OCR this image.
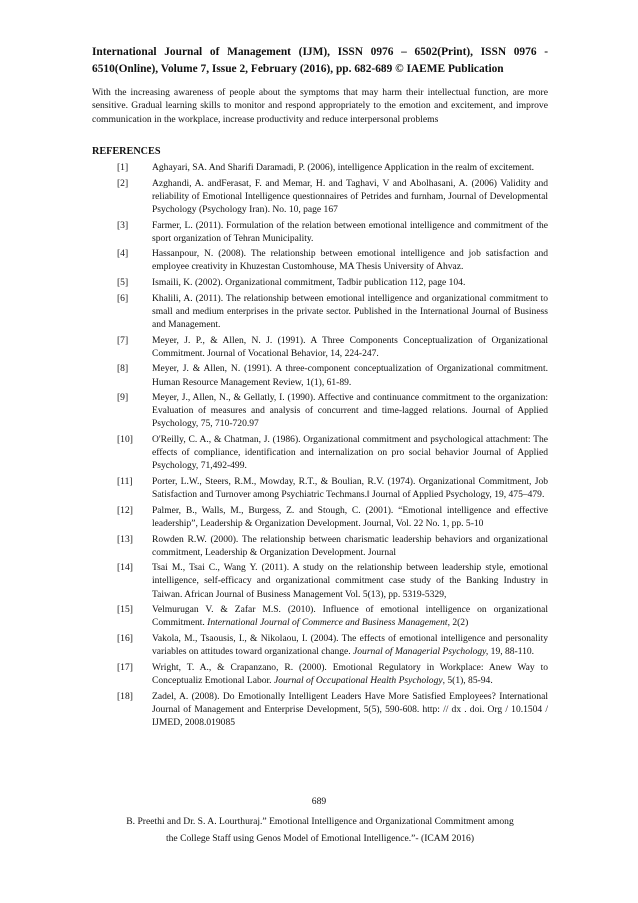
International Journal of Management (IJM), ISSN 0976 – 6502(Print), ISSN 0976 - 6510(Online), Volume 7, Issue 2, February (2016), pp. 682-689 © IAEME Publication
With the increasing awareness of people about the symptoms that may harm their intellectual function, are more sensitive. Gradual learning skills to monitor and respond appropriately to the emotion and excitement, and improve communication in the workplace, increase productivity and reduce interpersonal problems
REFERENCES
[1]	Aghayari, SA. And Sharifi Daramadi, P. (2006), intelligence Application in the realm of excitement.
[2]	Azghandi, A. andFerasat, F. and Memar, H. and Taghavi, V and Abolhasani, A. (2006) Validity and reliability of Emotional Intelligence questionnaires of Petrides and furnham, Journal of Developmental Psychology (Psychology Iran). No. 10, page 167
[3]	Farmer, L. (2011). Formulation of the relation between emotional intelligence and commitment of the sport organization of Tehran Municipality.
[4]	Hassanpour, N. (2008). The relationship between emotional intelligence and job satisfaction and employee creativity in Khuzestan Customhouse, MA Thesis University of Ahvaz.
[5]	Ismaili, K. (2002). Organizational commitment, Tadbir publication 112, page 104.
[6]	Khalili, A. (2011). The relationship between emotional intelligence and organizational commitment to small and medium enterprises in the private sector. Published in the International Journal of Business and Management.
[7]	Meyer, J. P., & Allen, N. J. (1991). A Three Components Conceptualization of Organizational Commitment. Journal of Vocational Behavior, 14, 224-247.
[8]	Meyer, J. & Allen, N. (1991). A three-component conceptualization of Organizational commitment. Human Resource Management Review, 1(1), 61-89.
[9]	Meyer, J., Allen, N., & Gellatly, I. (1990). Affective and continuance commitment to the organization: Evaluation of measures and analysis of concurrent and time-lagged relations. Journal of Applied Psychology, 75, 710-720.97
[10]	O'Reilly, C. A., & Chatman, J. (1986). Organizational commitment and psychological attachment: The effects of compliance, identification and internalization on pro social behavior Journal of Applied Psychology, 71,492-499.
[11]	Porter, L.W., Steers, R.M., Mowday, R.T., & Boulian, R.V. (1974). Organizational Commitment, Job Satisfaction and Turnover among Psychiatric Techmans.‖ Journal of Applied Psychology, 19, 475–479.
[12]	Palmer, B., Walls, M., Burgess, Z. and Stough, C. (2001). “Emotional intelligence and effective leadership”, Leadership & Organization Development. Journal, Vol. 22 No. 1, pp. 5-10
[13]	Rowden R.W. (2000). The relationship between charismatic leadership behaviors and organizational commitment, Leadership & Organization Development. Journal
[14]	Tsai M., Tsai C., Wang Y. (2011). A study on the relationship between leadership style, emotional intelligence, self-efficacy and organizational commitment case study of the Banking Industry in Taiwan. African Journal of Business Management Vol. 5(13), pp. 5319-5329,
[15]	Velmurugan V. & Zafar M.S. (2010). Influence of emotional intelligence on organizational Commitment. International Journal of Commerce and Business Management, 2(2)
[16]	Vakola, M., Tsaousis, I., & Nikolaou, I. (2004). The effects of emotional intelligence and personality variables on attitudes toward organizational change. Journal of Managerial Psychology, 19, 88-110.
[17]	Wright, T. A., & Crapanzano, R. (2000). Emotional Regulatory in Workplace: Anew Way to Conceptualiz Emotional Labor. Journal of Occupational Health Psychology, 5(1), 85-94.
[18]	Zadel, A. (2008). Do Emotionally Intelligent Leaders Have More Satisfied Employees? International Journal of Management and Enterprise Development, 5(5), 590-608. http: // dx . doi. Org / 10.1504 / IJMED, 2008.019085
689
B. Preethi and Dr. S. A. Lourthuraj.” Emotional Intelligence and Organizational Commitment among
the College Staff using Genos Model of Emotional Intelligence.”- (ICAM 2016)
